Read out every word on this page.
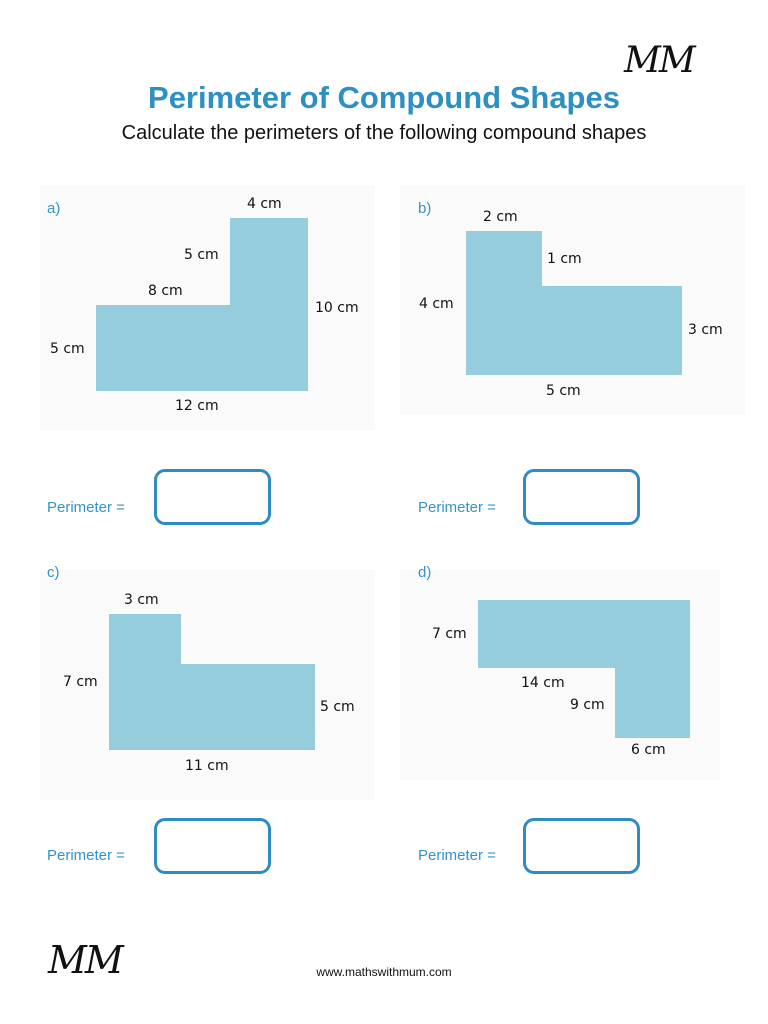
MM
Perimeter of Compound Shapes
Calculate the perimeters of the following compound shapes
a)	4 cm
5 cm
8 cm
10 cm
5 cm
12 cm
Perimeter =
b)	2 cm
1 cm
4 cm
3 cm
5 cm
Perimeter =
c)
3 cm
7 cm
5 cm
11 cm
Perimeter =
d)
7 cm
14 cm
9 cm
6 cm
Perimeter =
MM	www.mathswithmum.com
